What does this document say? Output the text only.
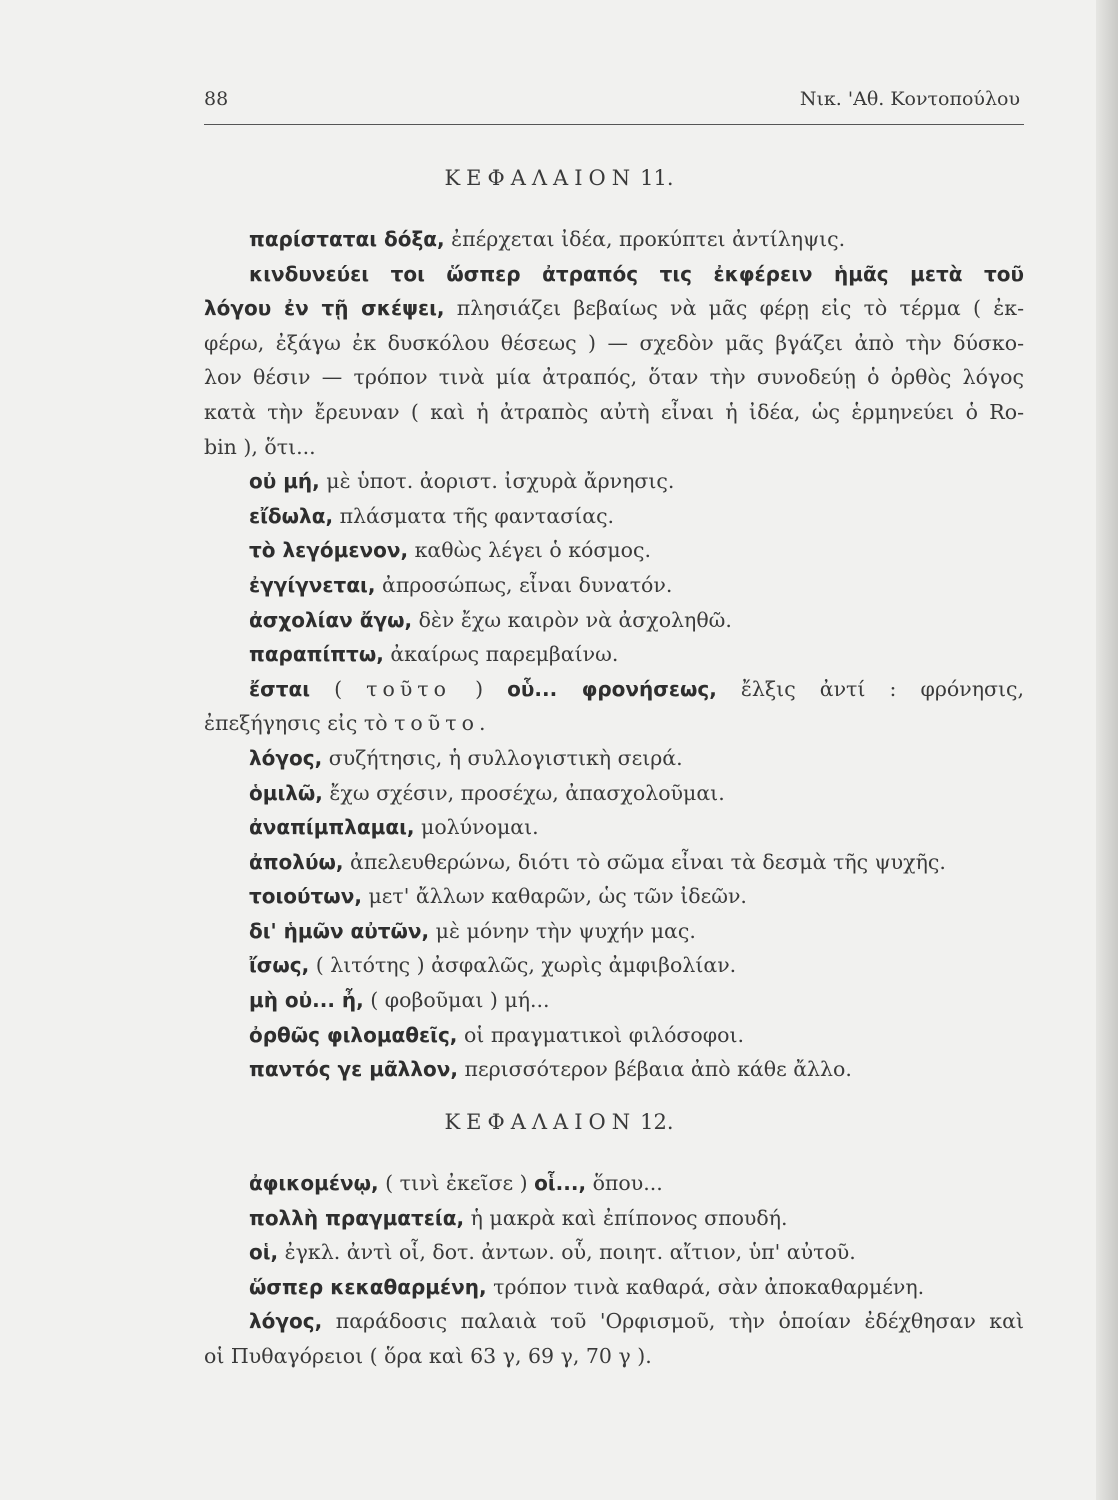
88	Νικ. 'Αθ. Κοντοπούλου
ΚΕΦΑΛΑΙΟΝ 11.
παρίσταται δόξα, ἐπέρχεται ἰδέα, προκύπτει ἀντίληψις.
κινδυνεύει τοι ὥσπερ ἀτραπός τις ἐκφέρειν ἡμᾶς μετὰ τοῦ
λόγου ἐν τῇ σκέψει, πλησιάζει βεβαίως νὰ μᾶς φέρῃ εἰς τὸ τέρμα ( ἐκ-
φέρω, ἐξάγω ἐκ δυσκόλου θέσεως ) — σχεδὸν μᾶς βγάζει ἀπὸ τὴν δύσκο-
λον θέσιν — τρόπον τινὰ μία ἀτραπός, ὅταν τὴν συνοδεύῃ ὁ ὀρθὸς λόγος
κατὰ τὴν ἔρευναν ( καὶ ἡ ἀτραπὸς αὐτὴ εἶναι ἡ ἰδέα, ὡς ἑρμηνεύει ὁ Ro-
bin ), ὅτι...
οὐ μή, μὲ ὑποτ. ἀοριστ. ἰσχυρὰ ἄρνησις.
εἴδωλα, πλάσματα τῆς φαντασίας.
τὸ λεγόμενον, καθὼς λέγει ὁ κόσμος.
ἐγγίγνεται, ἀπροσώπως, εἶναι δυνατόν.
ἀσχολίαν ἄγω, δὲν ἔχω καιρὸν νὰ ἀσχοληθῶ.
παραπίπτω, ἀκαίρως παρεμβαίνω.
ἔσται ( τοῦτο ) οὗ... φρονήσεως, ἔλξις ἀντί : φρόνησις,
ἐπεξήγησις εἰς τὸ τοῦτο.
λόγος, συζήτησις, ἡ συλλογιστικὴ σειρά.
ὁμιλῶ, ἔχω σχέσιν, προσέχω, ἀπασχολοῦμαι.
ἀναπίμπλαμαι, μολύνομαι.
ἀπολύω, ἀπελευθερώνω, διότι τὸ σῶμα εἶναι τὰ δεσμὰ τῆς ψυχῆς.
τοιούτων, μετ' ἄλλων καθαρῶν, ὡς τῶν ἰδεῶν.
δι' ἡμῶν αὐτῶν, μὲ μόνην τὴν ψυχήν μας.
ἴσως, ( λιτότης ) ἀσφαλῶς, χωρὶς ἀμφιβολίαν.
μὴ οὐ... ἦ, ( φοβοῦμαι ) μή...
ὀρθῶς φιλομαθεῖς, οἱ πραγματικοὶ φιλόσοφοι.
παντός γε μᾶλλον, περισσότερον βέβαια ἀπὸ κάθε ἄλλο.
ΚΕΦΑΛΑΙΟΝ 12.
ἀφικομένῳ, ( τινὶ ἐκεῖσε ) οἷ..., ὅπου...
πολλὴ πραγματεία, ἡ μακρὰ καὶ ἐπίπονος σπουδή.
οἱ, ἐγκλ. ἀντὶ οἷ, δοτ. ἀντων. οὗ, ποιητ. αἴτιον, ὑπ' αὐτοῦ.
ὥσπερ κεκαθαρμένη, τρόπον τινὰ καθαρά, σὰν ἀποκαθαρμένη.
λόγος, παράδοσις παλαιὰ τοῦ 'Ορφισμοῦ, τὴν ὁποίαν ἐδέχθησαν καὶ
οἱ Πυθαγόρειοι ( ὅρα καὶ 63 γ, 69 γ, 70 γ ).
